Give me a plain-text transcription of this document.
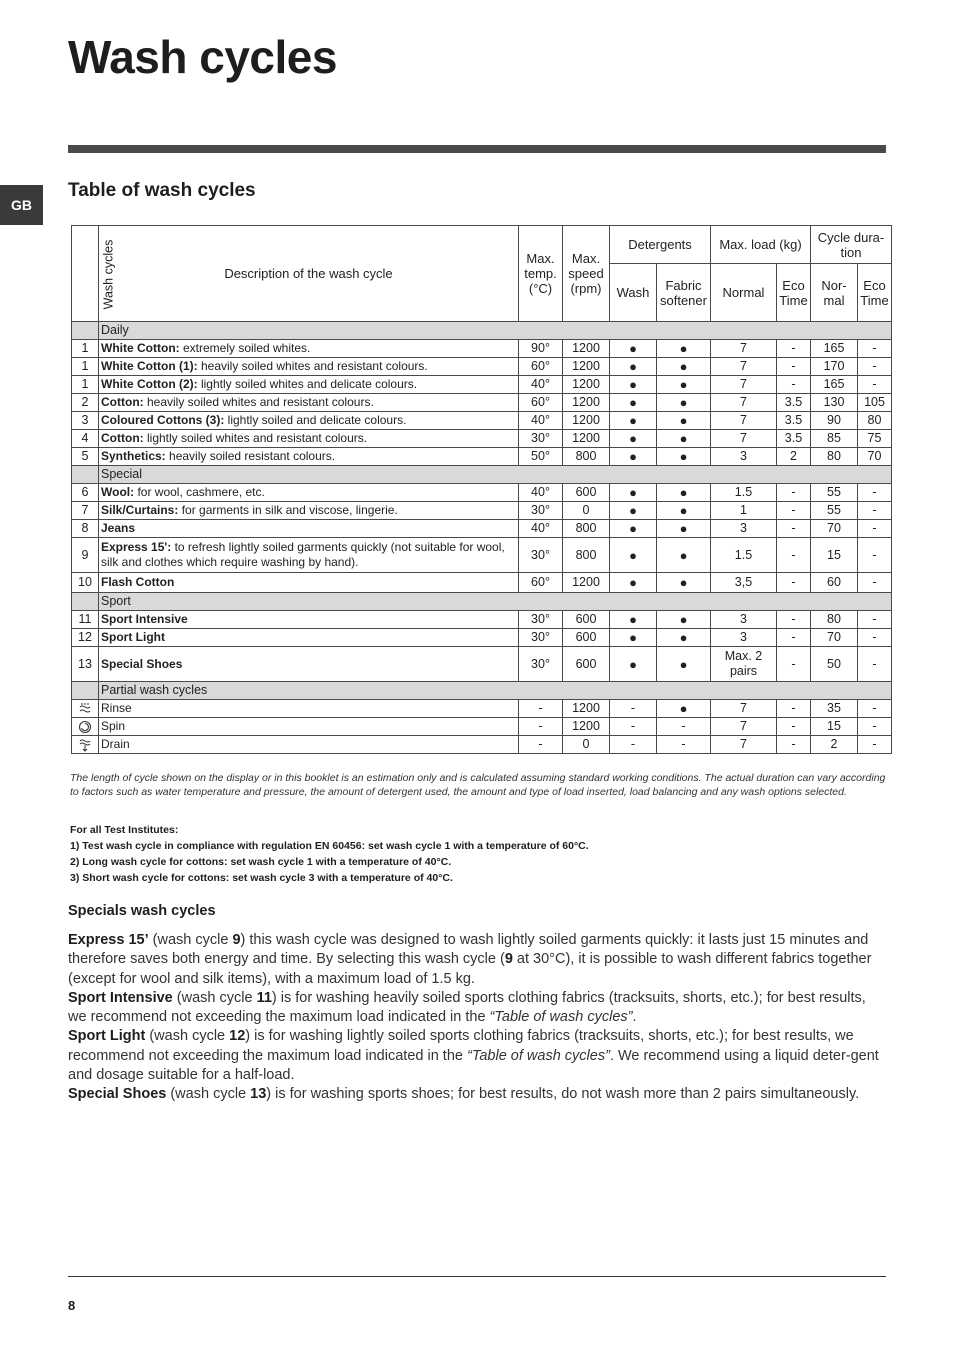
Wash cycles
GB
Table of wash cycles
Wash cycles	Description of the wash cycle	Max. temp. (°C)	Max. speed (rpm)	Detergents		Max. load (kg)		Cycle dura- tion	
				Wash	Fabric softener	Normal	Eco Time	Nor- mal	Eco Time
	Daily								
1	White Cotton: extremely soiled whites.	90°	1200	●	●	7	-	165	-
1	White Cotton (1): heavily soiled whites and resistant colours.	60°	1200	●	●	7	-	170	-
1	White Cotton (2): lightly soiled whites and delicate colours.	40°	1200	●	●	7	-	165	-
2	Cotton: heavily soiled whites and resistant colours.	60°	1200	●	●	7	3.5	130	105
3	Coloured Cottons (3): lightly soiled and delicate colours.	40°	1200	●	●	7	3.5	90	80
4	Cotton: lightly soiled whites and resistant colours.	30°	1200	●	●	7	3.5	85	75
5	Synthetics: heavily soiled resistant colours.	50°	800	●	●	3	2	80	70
	Special								
6	Wool: for wool, cashmere, etc.	40°	600	●	●	1.5	-	55	-
7	Silk/Curtains: for garments in silk and viscose, lingerie.	30°	0	●	●	1	-	55	-
8	Jeans	40°	800	●	●	3	-	70	-
9	Express 15': to refresh lightly soiled garments quickly (not suitable for wool, silk and clothes which require washing by hand).	30°	800	●	●	1.5	-	15	-
10	Flash Cotton	60°	1200	●	●	3,5	-	60	-
	Sport								
11	Sport Intensive	30°	600	●	●	3	-	80	-
12	Sport Light	30°	600	●	●	3	-	70	-
13	Special Shoes	30°	600	●	●	Max. 2 pairs	-	50	-
	Partial wash cycles								

	Rinse	-	1200	-	●	7	-	35	-

	Spin	-	1200	-	-	7	-	15	-

	Drain	-	0	-	-	7	-	2	-

The length of cycle shown on the display or in this booklet is an estimation only and is calculated assuming standard working conditions. The actual duration can vary according to factors such as water temperature and pressure, the amount of detergent used, the amount and type of load inserted, load balancing and any wash options selected.

For all Test Institutes:
1) Test wash cycle in compliance with regulation EN 60456: set wash cycle 1 with a temperature of 60°C.
2) Long wash cycle for cottons: set wash cycle 1 with a temperature of 40°C.
3) Short wash cycle for cottons: set wash cycle 3 with a temperature of 40°C.
Specials wash cycles

Express 15’ (wash cycle 9) this wash cycle was designed to wash lightly soiled garments quickly: it lasts just 15 minutes and therefore saves both energy and time. By selecting this wash cycle (9 at 30°C), it is possible to wash different fabrics together (except for wool and silk items), with a maximum load of 1.5 kg.

Sport Intensive (wash cycle 11) is for washing heavily soiled sports clothing fabrics (tracksuits, shorts, etc.); for best results, we recommend not exceeding the maximum load indicated in the “Table of wash cycles”.

Sport Light (wash cycle 12) is for washing lightly soiled sports clothing fabrics (tracksuits, shorts, etc.); for best results, we recommend not exceeding the maximum load indicated in the “Table of wash cycles”. We recommend using a liquid deter-gent and dosage suitable for a half-load.

Special Shoes (wash cycle 13) is for washing sports shoes; for best results, do not wash more than 2 pairs simultaneously.

8
